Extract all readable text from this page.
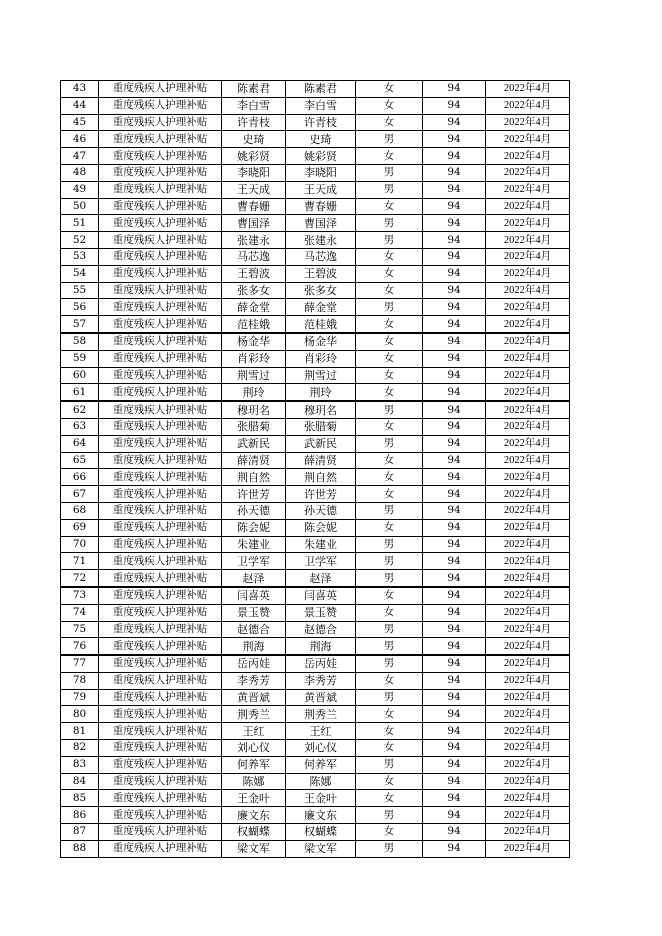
43	重度残疾人护理补贴	陈素君	陈素君	女	94	2022年4月
44	重度残疾人护理补贴	李白雪	李白雪	女	94	2022年4月
45	重度残疾人护理补贴	许青枝	许青枝	女	94	2022年4月
46	重度残疾人护理补贴	史琦	史琦	男	94	2022年4月
47	重度残疾人护理补贴	姚彩贤	姚彩贤	女	94	2022年4月
48	重度残疾人护理补贴	李晓阳	李晓阳	男	94	2022年4月
49	重度残疾人护理补贴	王天成	王天成	男	94	2022年4月
50	重度残疾人护理补贴	曹春姗	曹春姗	女	94	2022年4月
51	重度残疾人护理补贴	曹国泽	曹国泽	男	94	2022年4月
52	重度残疾人护理补贴	张建永	张建永	男	94	2022年4月
53	重度残疾人护理补贴	马芯逸	马芯逸	女	94	2022年4月
54	重度残疾人护理补贴	王碧波	王碧波	女	94	2022年4月
55	重度残疾人护理补贴	张多女	张多女	女	94	2022年4月
56	重度残疾人护理补贴	薛金堂	薛金堂	男	94	2022年4月
57	重度残疾人护理补贴	范桂娥	范桂娥	女	94	2022年4月
58	重度残疾人护理补贴	杨金华	杨金华	女	94	2022年4月
59	重度残疾人护理补贴	肖彩玲	肖彩玲	女	94	2022年4月
60	重度残疾人护理补贴	荆雪过	荆雪过	女	94	2022年4月
61	重度残疾人护理补贴	荆玲	荆玲	女	94	2022年4月
62	重度残疾人护理补贴	穆玥名	穆玥名	男	94	2022年4月
63	重度残疾人护理补贴	张腊菊	张腊菊	女	94	2022年4月
64	重度残疾人护理补贴	武新民	武新民	男	94	2022年4月
65	重度残疾人护理补贴	薛清贤	薛清贤	女	94	2022年4月
66	重度残疾人护理补贴	荆自然	荆自然	女	94	2022年4月
67	重度残疾人护理补贴	许世芳	许世芳	女	94	2022年4月
68	重度残疾人护理补贴	孙天德	孙天德	男	94	2022年4月
69	重度残疾人护理补贴	陈会妮	陈会妮	女	94	2022年4月
70	重度残疾人护理补贴	朱建业	朱建业	男	94	2022年4月
71	重度残疾人护理补贴	卫学军	卫学军	男	94	2022年4月
72	重度残疾人护理补贴	赵泽	赵泽	男	94	2022年4月
73	重度残疾人护理补贴	闫喜英	闫喜英	女	94	2022年4月
74	重度残疾人护理补贴	景玉赞	景玉赞	女	94	2022年4月
75	重度残疾人护理补贴	赵德合	赵德合	男	94	2022年4月
76	重度残疾人护理补贴	荆海	荆海	男	94	2022年4月
77	重度残疾人护理补贴	岳丙娃	岳丙娃	男	94	2022年4月
78	重度残疾人护理补贴	李秀芳	李秀芳	女	94	2022年4月
79	重度残疾人护理补贴	黄晋斌	黄晋斌	男	94	2022年4月
80	重度残疾人护理补贴	荆秀兰	荆秀兰	女	94	2022年4月
81	重度残疾人护理补贴	王红	王红	女	94	2022年4月
82	重度残疾人护理补贴	刘心仪	刘心仪	女	94	2022年4月
83	重度残疾人护理补贴	何养军	何养军	男	94	2022年4月
84	重度残疾人护理补贴	陈娜	陈娜	女	94	2022年4月
85	重度残疾人护理补贴	王金叶	王金叶	女	94	2022年4月
86	重度残疾人护理补贴	廉文东	廉文东	男	94	2022年4月
87	重度残疾人护理补贴	权蝴蝶	权蝴蝶	女	94	2022年4月
88	重度残疾人护理补贴	梁文军	梁文军	男	94	2022年4月
